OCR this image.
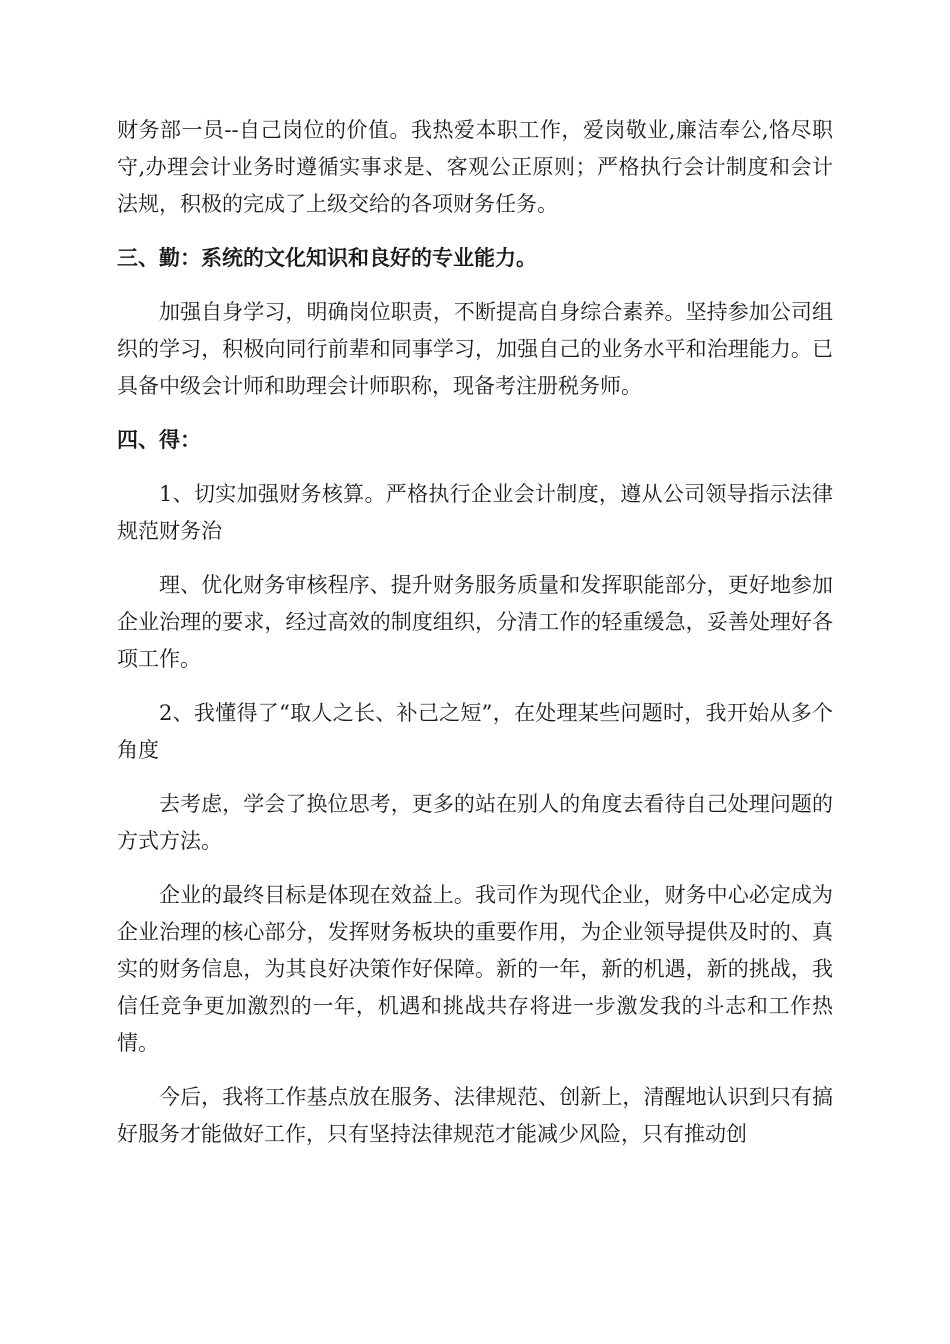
财务部一员--自己岗位的价值。我热爱本职工作，爱岗敬业,廉洁奉公,恪尽职守,办理会计业务时遵循实事求是、客观公正原则；严格执行会计制度和会计法规，积极的完成了上级交给的各项财务任务。

三、勤：系统的文化知识和良好的专业能力。

加强自身学习，明确岗位职责，不断提高自身综合素养。坚持参加公司组织的学习，积极向同行前辈和同事学习，加强自己的业务水平和治理能力。已具备中级会计师和助理会计师职称，现备考注册税务师。

四、得：

1、切实加强财务核算。严格执行企业会计制度，遵从公司领导指示法律规范财务治

理、优化财务审核程序、提升财务服务质量和发挥职能部分，更好地参加企业治理的要求，经过高效的制度组织，分清工作的轻重缓急，妥善处理好各项工作。

2、我懂得了“取人之长、补己之短”，在处理某些问题时，我开始从多个角度

去考虑，学会了换位思考，更多的站在别人的角度去看待自己处理问题的方式方法。

企业的最终目标是体现在效益上。我司作为现代企业，财务中心必定成为企业治理的核心部分，发挥财务板块的重要作用，为企业领导提供及时的、真实的财务信息，为其良好决策作好保障。新的一年，新的机遇，新的挑战，我信任竞争更加激烈的一年，机遇和挑战共存将进一步激发我的斗志和工作热情。

今后，我将工作基点放在服务、法律规范、创新上，清醒地认识到只有搞好服务才能做好工作，只有坚持法律规范才能减少风险，只有推动创
